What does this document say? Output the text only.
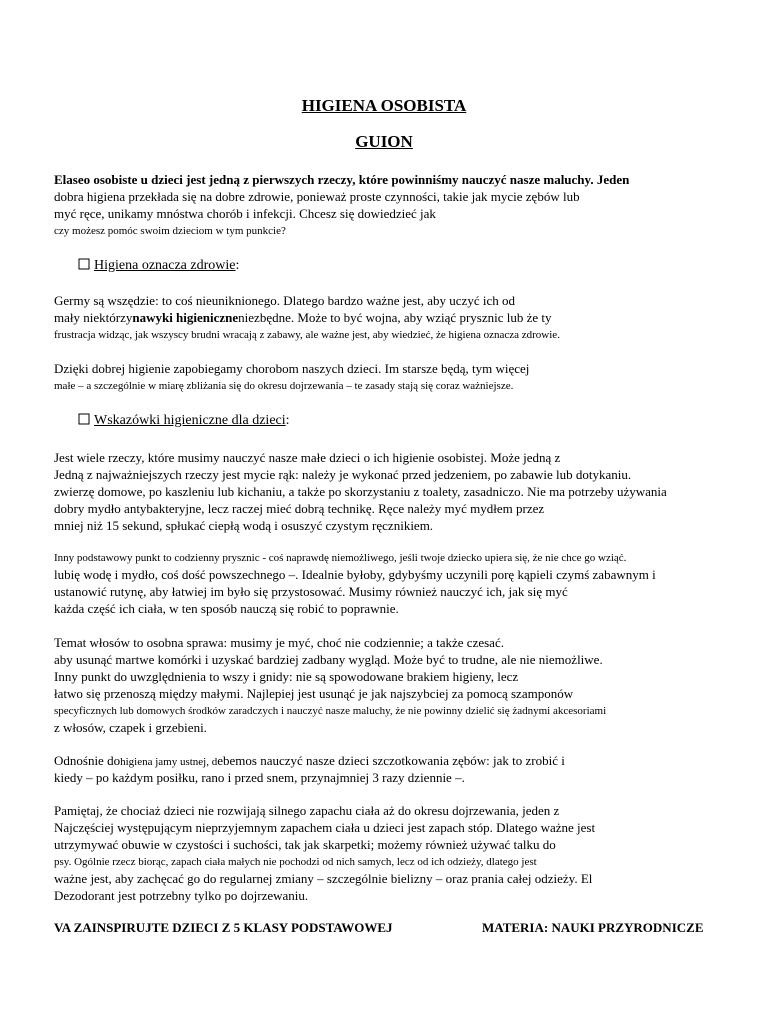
HIGIENA OSOBISTA
GUION
Elaseo osobiste u dzieci jest jedną z pierwszych rzeczy, które powinniśmy nauczyć nasze maluchy. Jeden
dobra higiena przekłada się na dobre zdrowie, ponieważ proste czynności, takie jak mycie zębów lub
myć ręce, unikamy mnóstwa chorób i infekcji. Chcesz się dowiedzieć jak
czy możesz pomóc swoim dzieciom w tym punkcie?
Higiena oznacza zdrowie:
Germy są wszędzie: to coś nieuniknionego. Dlatego bardzo ważne jest, aby uczyć ich od
mały niektórzynawyki higieniczneniezbędne. Może to być wojna, aby wziąć prysznic lub że ty
frustracja widząc, jak wszyscy brudni wracają z zabawy, ale ważne jest, aby wiedzieć, że higiena oznacza zdrowie.
Dzięki dobrej higienie zapobiegamy chorobom naszych dzieci. Im starsze będą, tym więcej
małe – a szczególnie w miarę zbliżania się do okresu dojrzewania – te zasady stają się coraz ważniejsze.
Wskazówki higieniczne dla dzieci:
Jest wiele rzeczy, które musimy nauczyć nasze małe dzieci o ich higienie osobistej. Może jedną z
Jedną z najważniejszych rzeczy jest mycie rąk: należy je wykonać przed jedzeniem, po zabawie lub dotykaniu.
zwierzę domowe, po kaszleniu lub kichaniu, a także po skorzystaniu z toalety, zasadniczo. Nie ma potrzeby używania
dobry mydło antybakteryjne, lecz raczej mieć dobrą technikę. Ręce należy myć mydłem przez
mniej niż 15 sekund, spłukać ciepłą wodą i osuszyć czystym ręcznikiem.
Inny podstawowy punkt to codzienny prysznic - coś naprawdę niemożliwego, jeśli twoje dziecko upiera się, że nie chce go wziąć.
lubię wodę i mydło, coś dość powszechnego –. Idealnie byłoby, gdybyśmy uczynili porę kąpieli czymś zabawnym i
ustanowić rutynę, aby łatwiej im było się przystosować. Musimy również nauczyć ich, jak się myć
każda część ich ciała, w ten sposób nauczą się robić to poprawnie.
Temat włosów to osobna sprawa: musimy je myć, choć nie codziennie; a także czesać.
aby usunąć martwe komórki i uzyskać bardziej zadbany wygląd. Może być to trudne, ale nie niemożliwe.
Inny punkt do uwzględnienia to wszy i gnidy: nie są spowodowane brakiem higieny, lecz
łatwo się przenoszą między małymi. Najlepiej jest usunąć je jak najszybciej za pomocą szamponów
specyficznych lub domowych środków zaradczych i nauczyć nasze maluchy, że nie powinny dzielić się żadnymi akcesoriami
z włosów, czapek i grzebieni.
Odnośnie dohigiena jamy ustnej, debemos nauczyć nasze dzieci szczotkowania zębów: jak to zrobić i
kiedy – po każdym posiłku, rano i przed snem, przynajmniej 3 razy dziennie –.
Pamiętaj, że chociaż dzieci nie rozwijają silnego zapachu ciała aż do okresu dojrzewania, jeden z
Najczęściej występującym nieprzyjemnym zapachem ciała u dzieci jest zapach stóp. Dlatego ważne jest
utrzymywać obuwie w czystości i suchości, tak jak skarpetki; możemy również używać talku do
psy. Ogólnie rzecz biorąc, zapach ciała małych nie pochodzi od nich samych, lecz od ich odzieży, dlatego jest
ważne jest, aby zachęcać go do regularnej zmiany – szczególnie bielizny – oraz prania całej odzieży. El
Dezodorant jest potrzebny tylko po dojrzewaniu.
VA ZAINSPIRUJTE DZIECI Z 5 KLASY PODSTAWOWEJ	MATERIA: NAUKI PRZYRODNICZE
